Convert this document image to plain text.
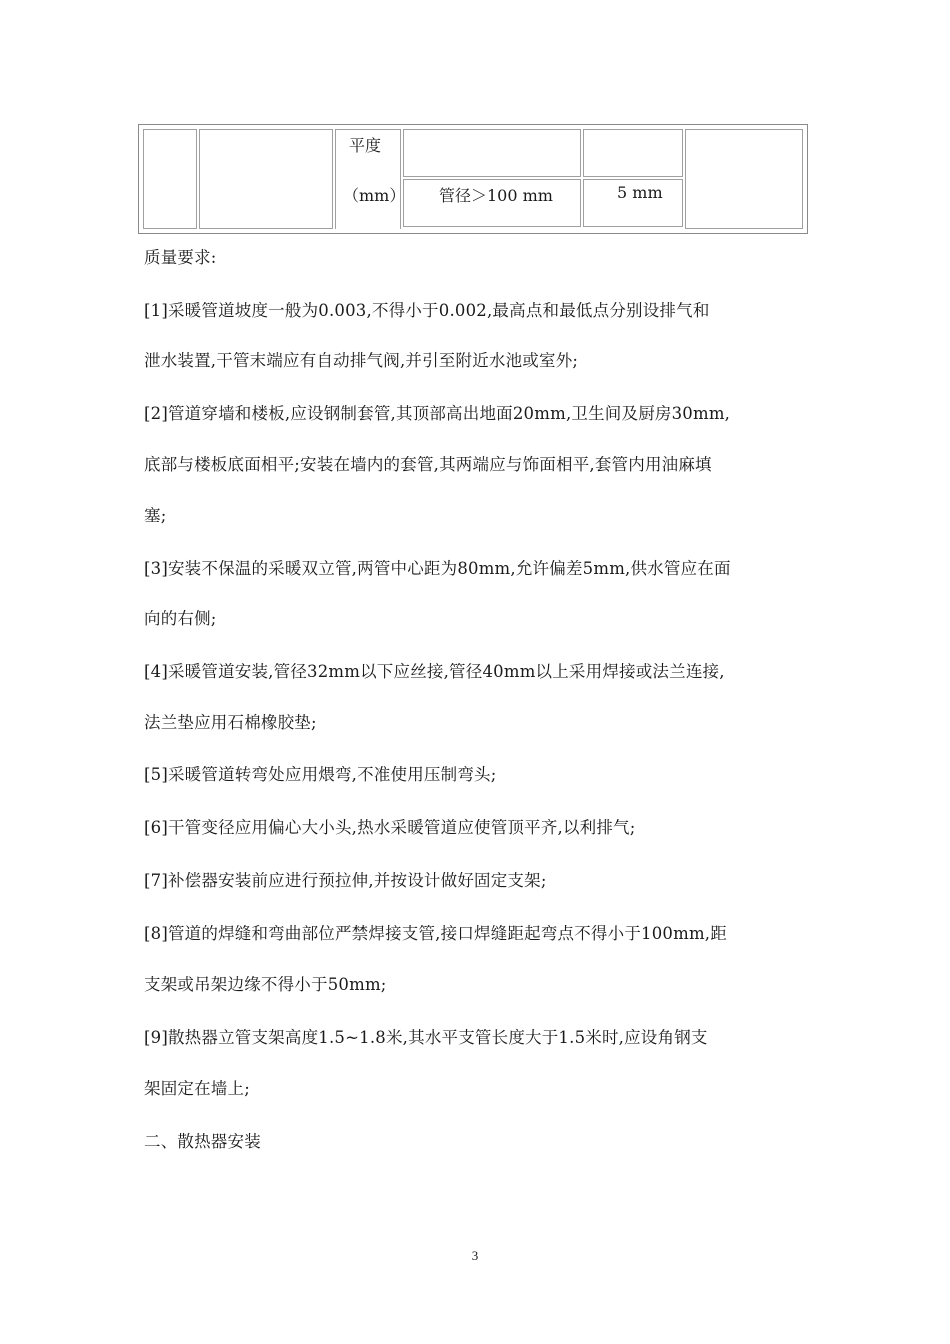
平度
（mm） 管径＞100 mm	5 mm
质量要求:
[1]采暖管道坡度一般为0.003,不得小于0.002,最高点和最低点分别设排气和
泄水装置,干管末端应有自动排气阀,并引至附近水池或室外;
[2]管道穿墙和楼板,应设钢制套管,其顶部高出地面20mm,卫生间及厨房30mm,
底部与楼板底面相平;安装在墙内的套管,其两端应与饰面相平,套管内用油麻填
塞;
[3]安装不保温的采暖双立管,两管中心距为80mm,允许偏差5mm,供水管应在面
向的右侧;
[4]采暖管道安装,管径32mm以下应丝接,管径40mm以上采用焊接或法兰连接,
法兰垫应用石棉橡胶垫;
[5]采暖管道转弯处应用煨弯,不准使用压制弯头;
[6]干管变径应用偏心大小头,热水采暖管道应使管顶平齐,以利排气;
[7]补偿器安装前应进行预拉伸,并按设计做好固定支架;
[8]管道的焊缝和弯曲部位严禁焊接支管,接口焊缝距起弯点不得小于100mm,距
支架或吊架边缘不得小于50mm;
[9]散热器立管支架高度1.5~1.8米,其水平支管长度大于1.5米时,应设角钢支
架固定在墙上;
二、散热器安装
3
